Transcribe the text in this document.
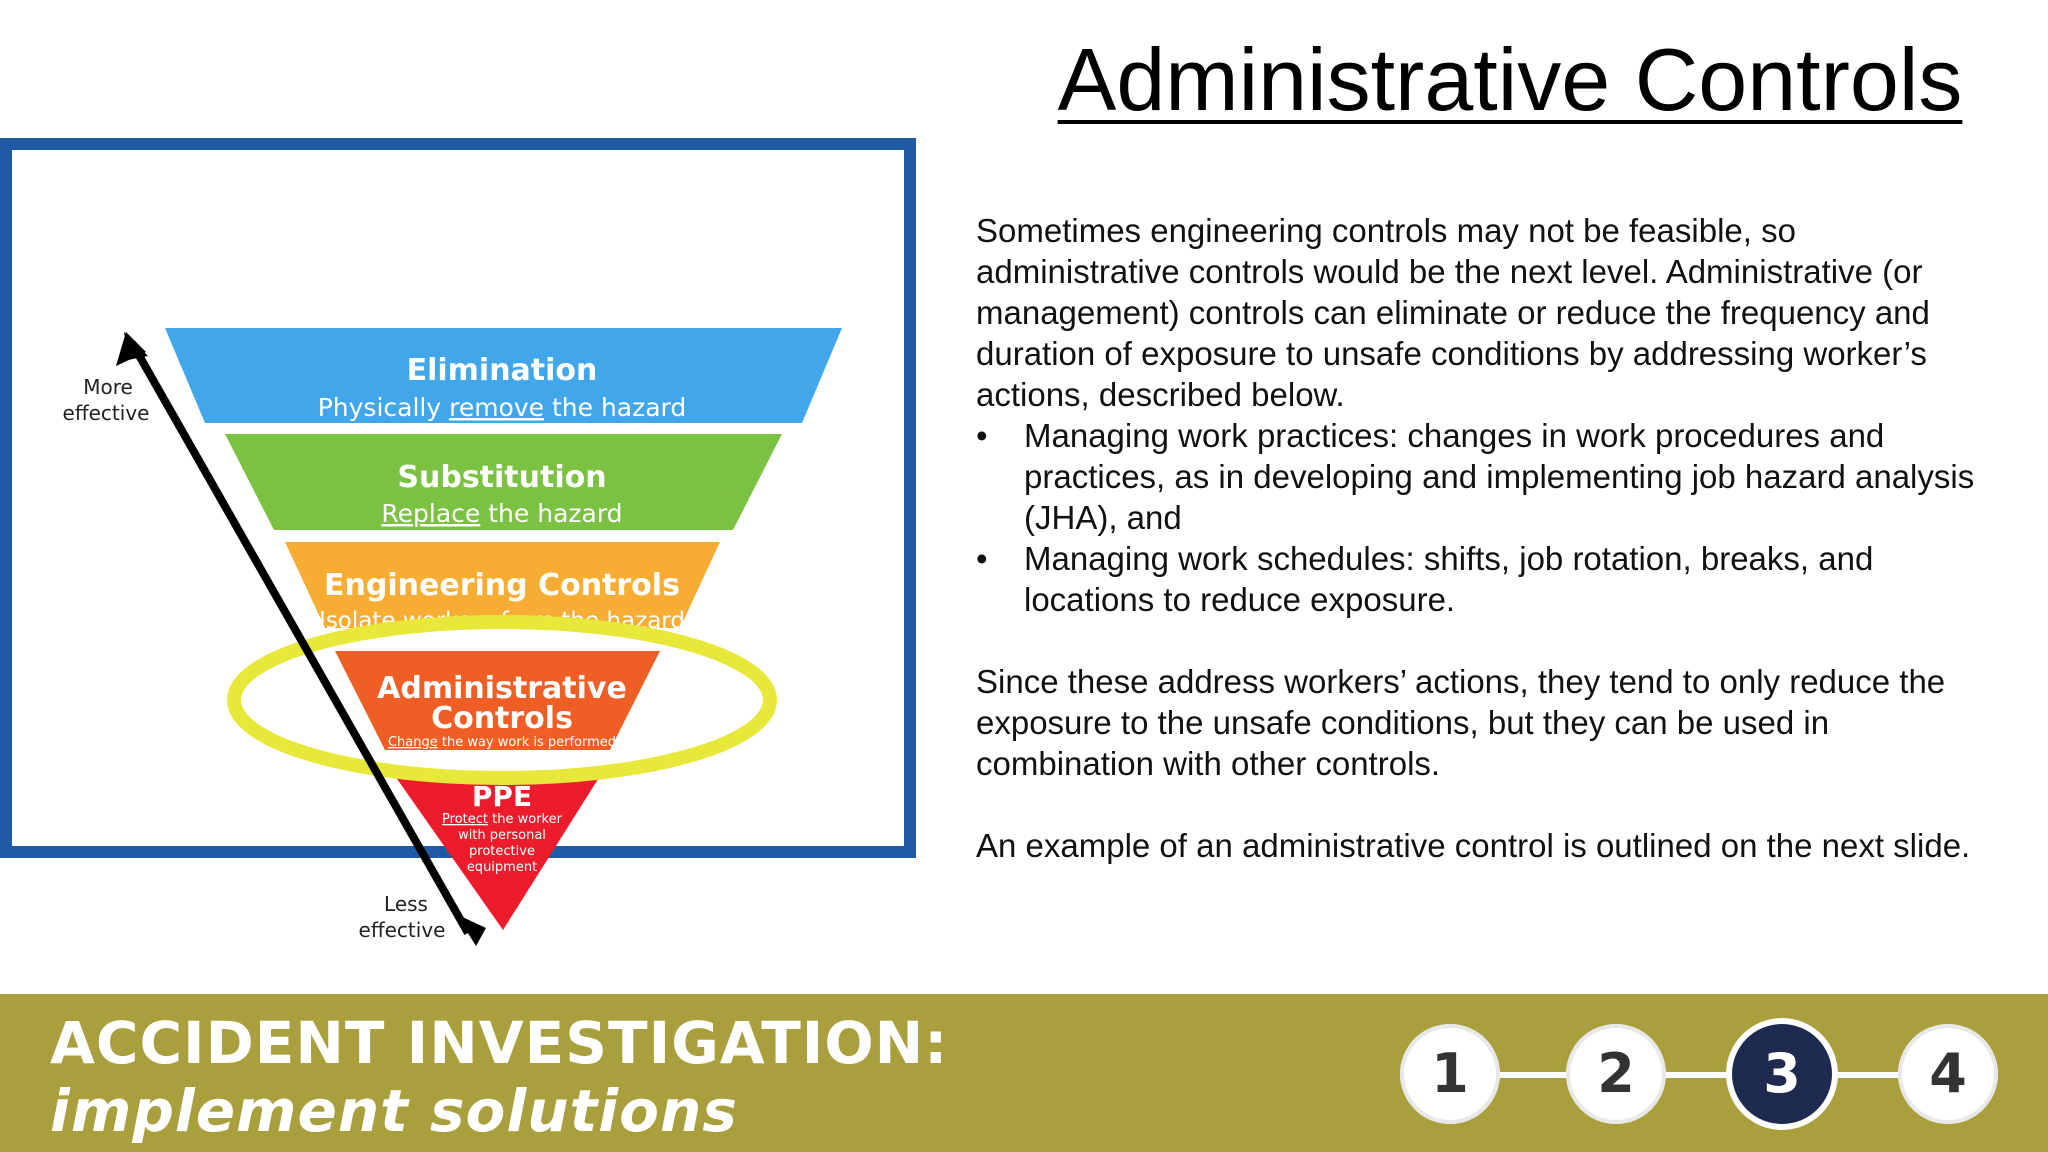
Administrative Controls
Elimination
Physically remove the hazard
Substitution
Replace the hazard
Engineering Controls
Isolate workers from the hazard
Administrative
Controls
Change the way work is performed
PPE
Protect the worker
with personal
protective
equipment
More
effective
Less
effective

Sometimes engineering controls may not be feasible, so administrative controls would be the next level. Administrative (or management) controls can eliminate or reduce the frequency and duration of exposure to unsafe conditions by addressing worker’s actions, described below.

• Managing work practices: changes in work procedures and practices, as in developing and implementing job hazard analysis (JHA), and
• Managing work schedules: shifts, job rotation, breaks, and locations to reduce exposure.

Since these address workers’ actions, they tend to only reduce the exposure to the unsafe conditions, but they can be used in combination with other controls.

An example of an administrative control is outlined on the next slide.

ACCIDENT INVESTIGATION:

implement solutions

1	2	3	4
